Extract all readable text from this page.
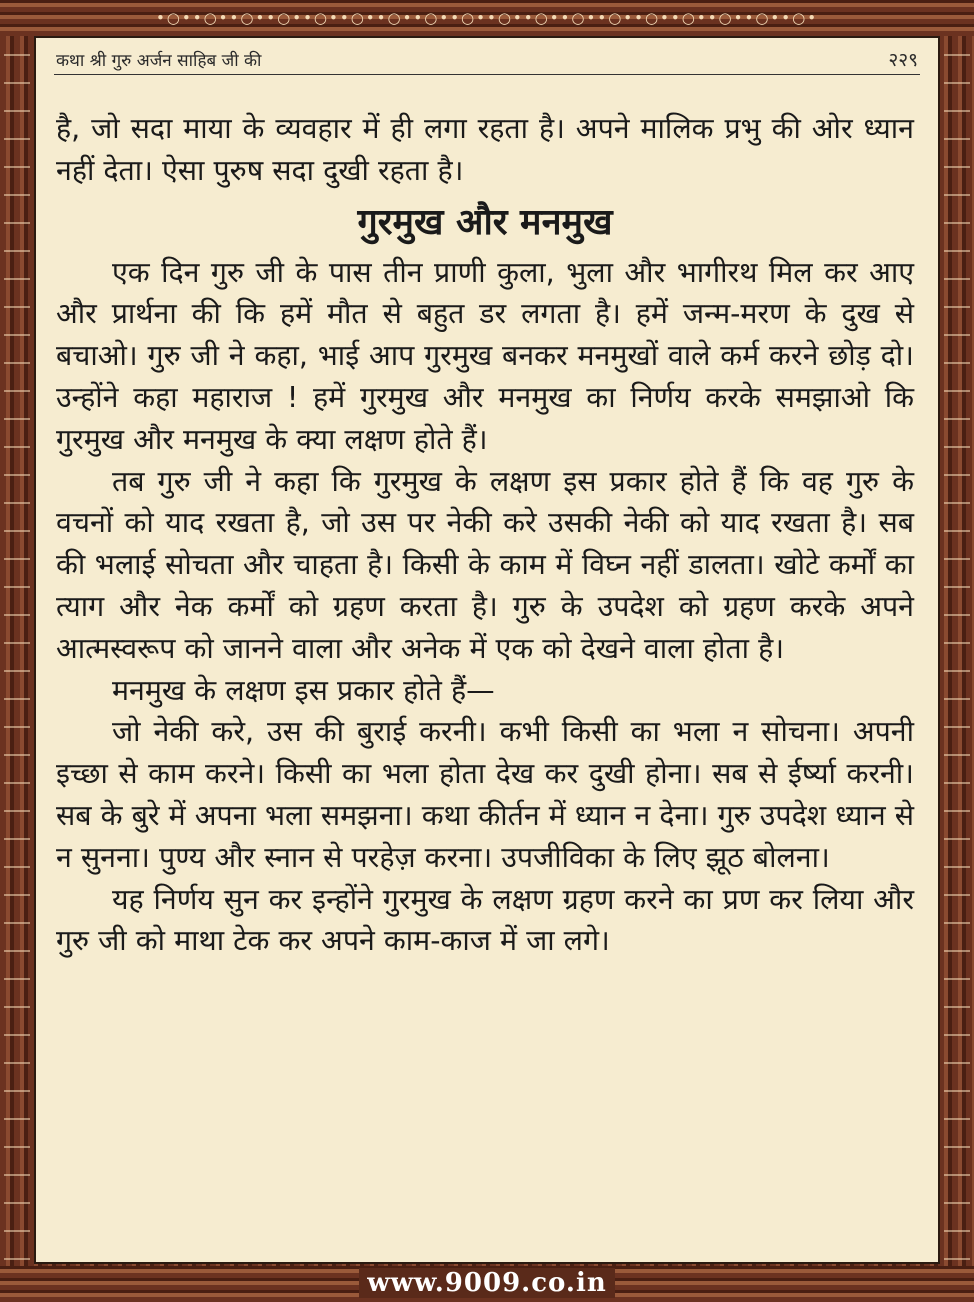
•○••○••○••○••○••○••○••○••○••○••○••○••○••○••○••○••○••○•
कथा श्री गुरु अर्जन साहिब जी की	२२९

है, जो सदा माया के व्यवहार में ही लगा रहता है। अपने मालिक प्रभु की ओर ध्यान नहीं देता। ऐसा पुरुष सदा दुखी रहता है।

गुरमुख और मनमुख

एक दिन गुरु जी के पास तीन प्राणी कुला, भुला और भागीरथ मिल कर आए और प्रार्थना की कि हमें मौत से बहुत डर लगता है। हमें जन्म-मरण के दुख से बचाओ। गुरु जी ने कहा, भाई आप गुरमुख बनकर मनमुखों वाले कर्म करने छोड़ दो। उन्होंने कहा महाराज ! हमें गुरमुख और मनमुख का निर्णय करके समझाओ कि गुरमुख और मनमुख के क्या लक्षण होते हैं।

तब गुरु जी ने कहा कि गुरमुख के लक्षण इस प्रकार होते हैं कि वह गुरु के वचनों को याद रखता है, जो उस पर नेकी करे उसकी नेकी को याद रखता है। सब की भलाई सोचता और चाहता है। किसी के काम में विघ्न नहीं डालता। खोटे कर्मों का त्याग और नेक कर्मों को ग्रहण करता है। गुरु के उपदेश को ग्रहण करके अपने आत्मस्वरूप को जानने वाला और अनेक में एक को देखने वाला होता है।

मनमुख के लक्षण इस प्रकार होते हैं—

जो नेकी करे, उस की बुराई करनी। कभी किसी का भला न सोचना। अपनी इच्छा से काम करने। किसी का भला होता देख कर दुखी होना। सब से ईर्ष्या करनी। सब के बुरे में अपना भला समझना। कथा कीर्तन में ध्यान न देना। गुरु उपदेश ध्यान से न सुनना। पुण्य और स्नान से परहेज़ करना। उपजीविका के लिए झूठ बोलना।

यह निर्णय सुन कर इन्होंने गुरमुख के लक्षण ग्रहण करने का प्रण कर लिया और गुरु जी को माथा टेक कर अपने काम-काज में जा लगे।

www.9009.co.in
